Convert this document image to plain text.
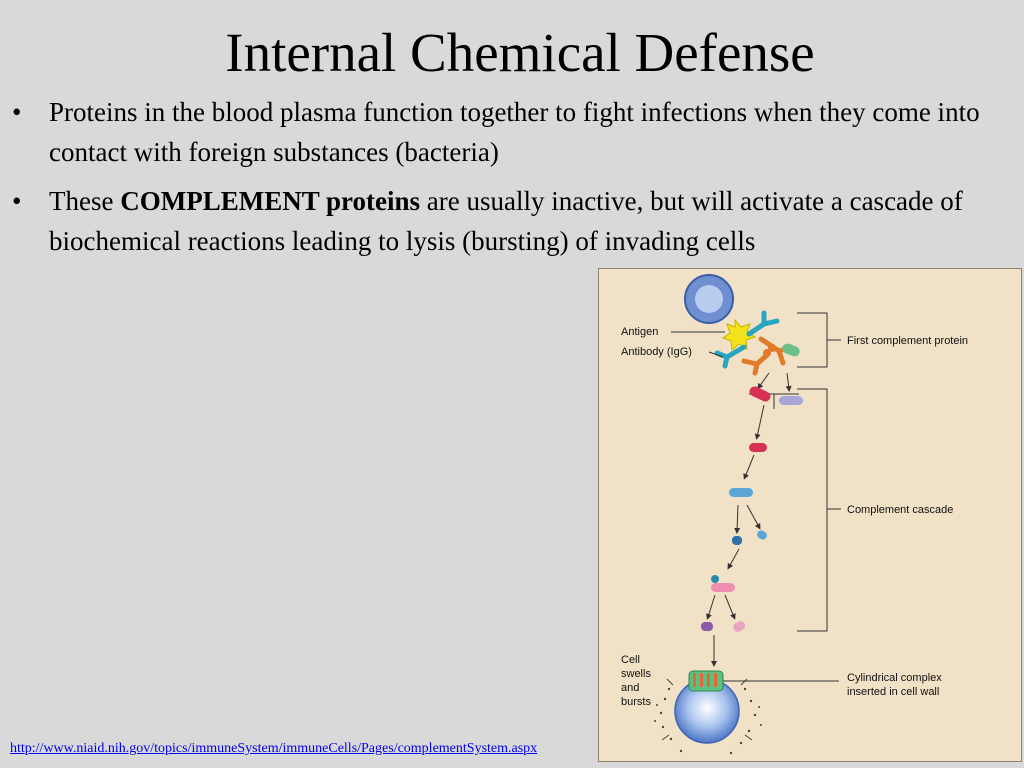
Internal Chemical Defense
• Proteins in the blood plasma function together to fight infections when they come into contact with foreign substances (bacteria)
• These COMPLEMENT proteins are usually inactive, but will activate a cascade of biochemical reactions leading to lysis (bursting) of invading cells
Antigen
Antibody (IgG)
First complement protein
Complement cascade
Cell
swells
and
bursts
Cylindrical complex
inserted in cell wall
http://www.niaid.nih.gov/topics/immuneSystem/immuneCells/Pages/complementSystem.aspx
